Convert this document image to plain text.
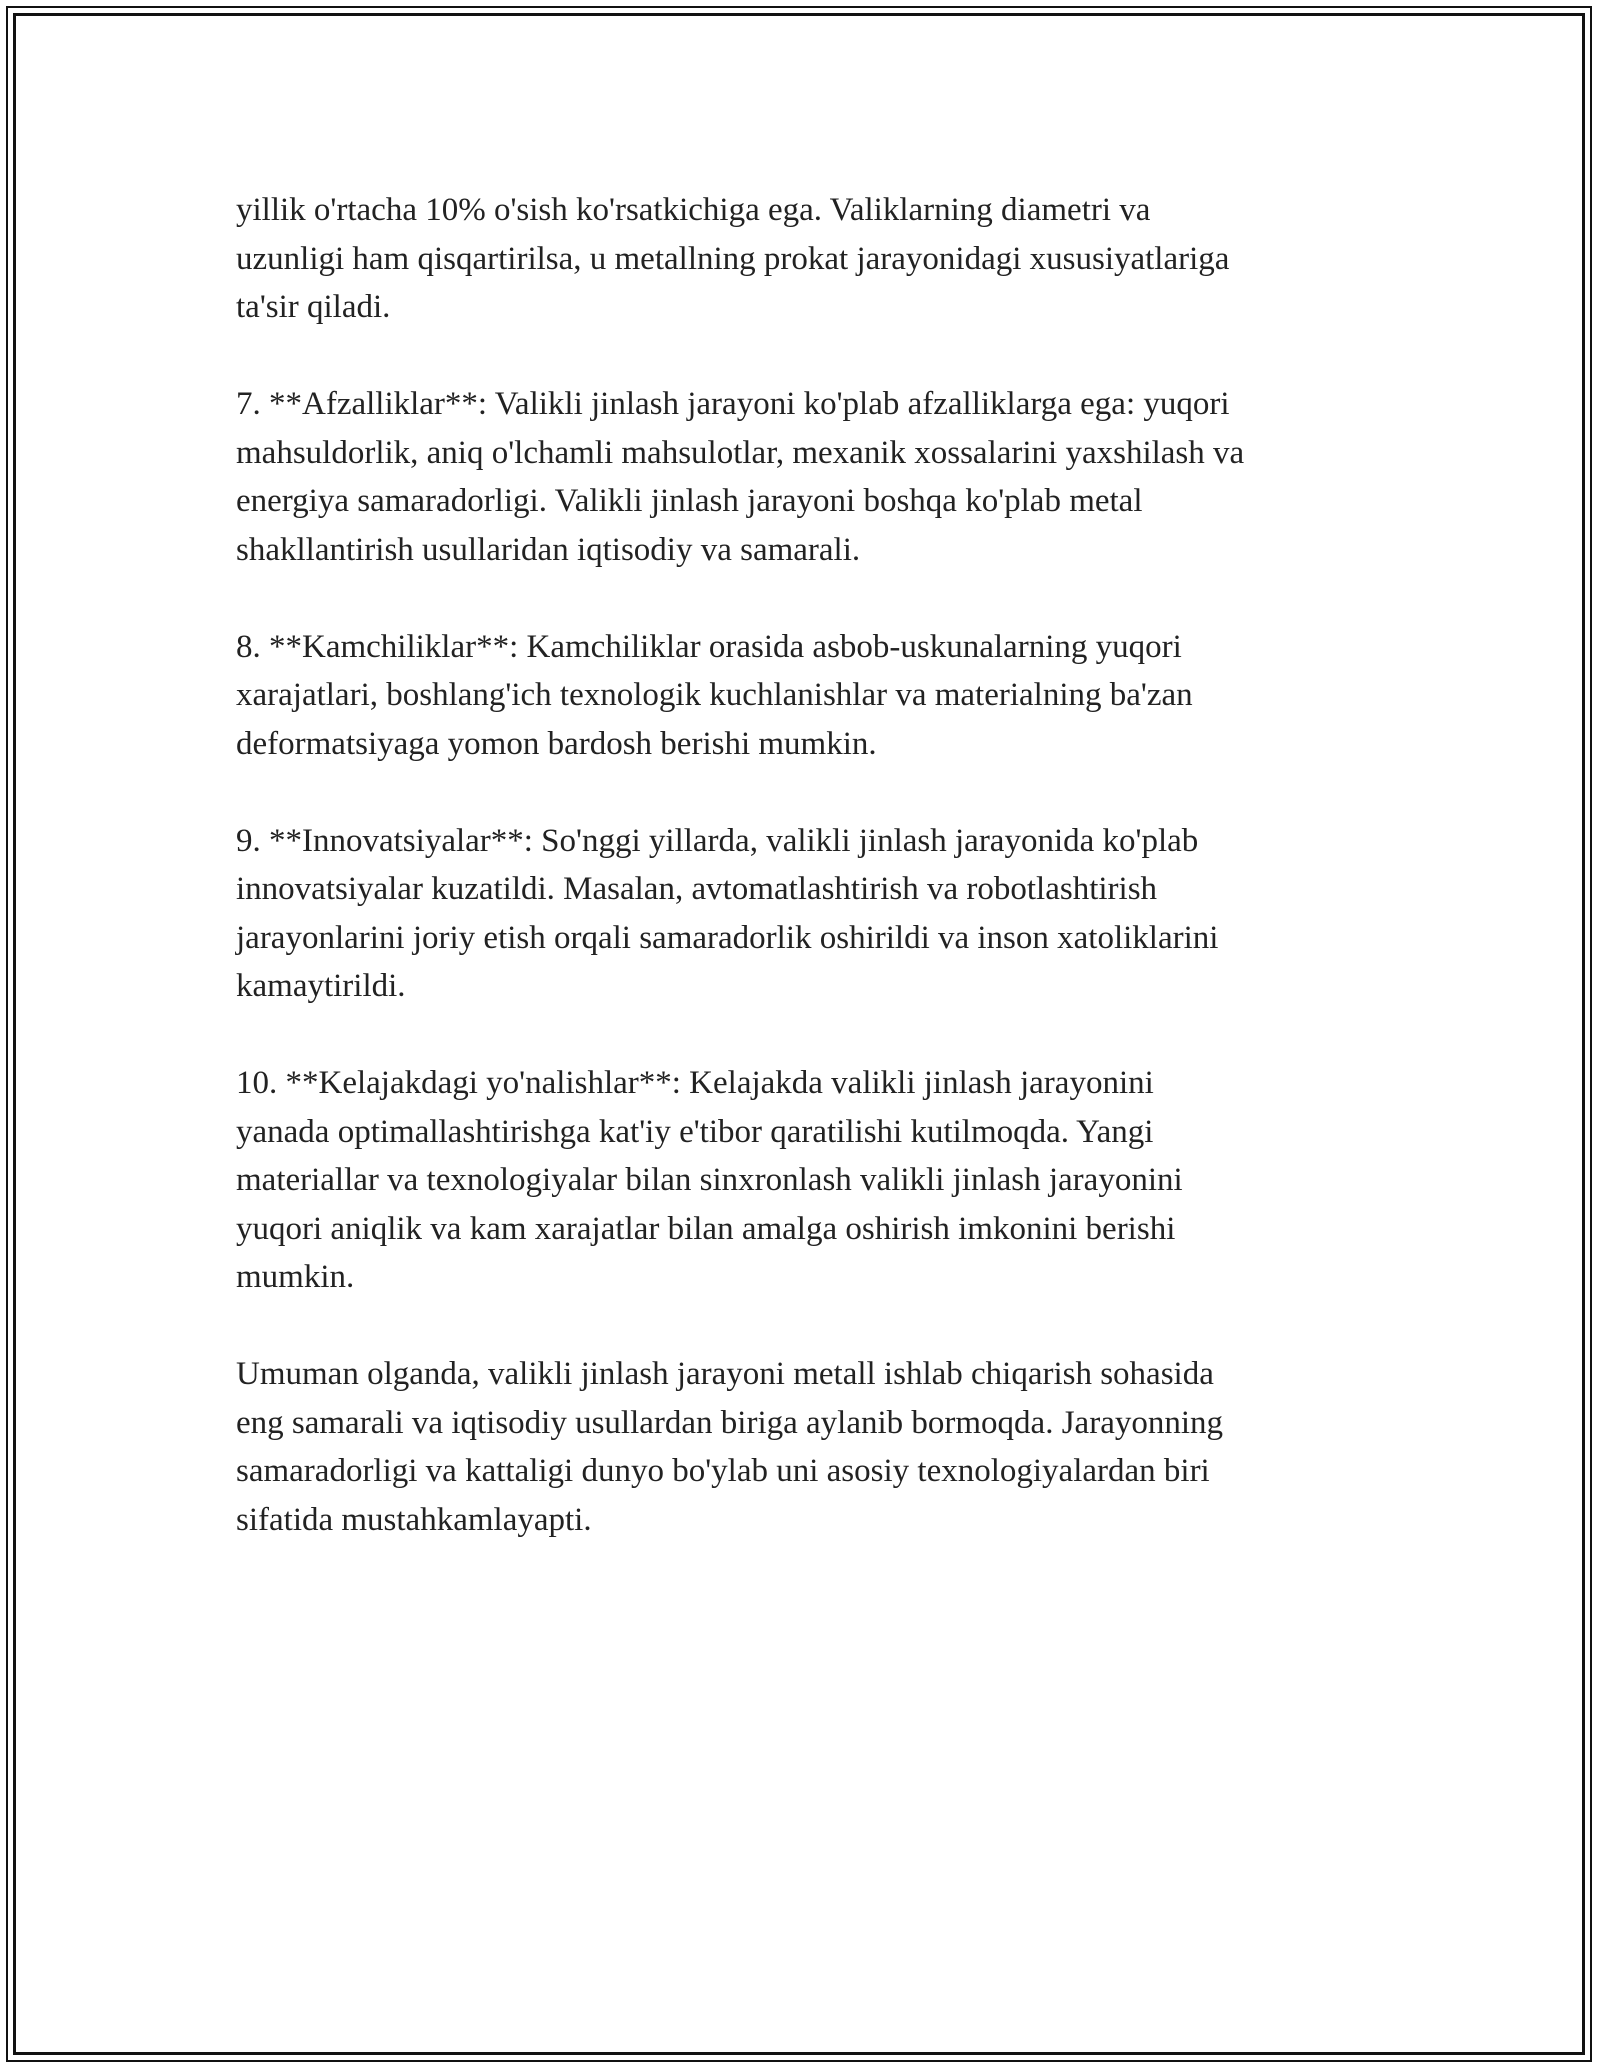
yillik o'rtacha 10% o'sish ko'rsatkichiga ega. Valiklarning diametri va
uzunligi ham qisqartirilsa, u metallning prokat jarayonidagi xususiyatlariga
ta'sir qiladi.

7. **Afzalliklar**: Valikli jinlash jarayoni ko'plab afzalliklarga ega: yuqori
mahsuldorlik, aniq o'lchamli mahsulotlar, mexanik xossalarini yaxshilash va
energiya samaradorligi. Valikli jinlash jarayoni boshqa ko'plab metal
shakllantirish usullaridan iqtisodiy va samarali.

8. **Kamchiliklar**: Kamchiliklar orasida asbob-uskunalarning yuqori
xarajatlari, boshlang'ich texnologik kuchlanishlar va materialning ba'zan
deformatsiyaga yomon bardosh berishi mumkin.

9. **Innovatsiyalar**: So'nggi yillarda, valikli jinlash jarayonida ko'plab
innovatsiyalar kuzatildi. Masalan, avtomatlashtirish va robotlashtirish
jarayonlarini joriy etish orqali samaradorlik oshirildi va inson xatoliklarini
kamaytirildi.

10. **Kelajakdagi yo'nalishlar**: Kelajakda valikli jinlash jarayonini
yanada optimallashtirishga kat'iy e'tibor qaratilishi kutilmoqda. Yangi
materiallar va texnologiyalar bilan sinxronlash valikli jinlash jarayonini
yuqori aniqlik va kam xarajatlar bilan amalga oshirish imkonini berishi
mumkin.

Umuman olganda, valikli jinlash jarayoni metall ishlab chiqarish sohasida
eng samarali va iqtisodiy usullardan biriga aylanib bormoqda. Jarayonning
samaradorligi va kattaligi dunyo bo'ylab uni asosiy texnologiyalardan biri
sifatida mustahkamlayapti.
